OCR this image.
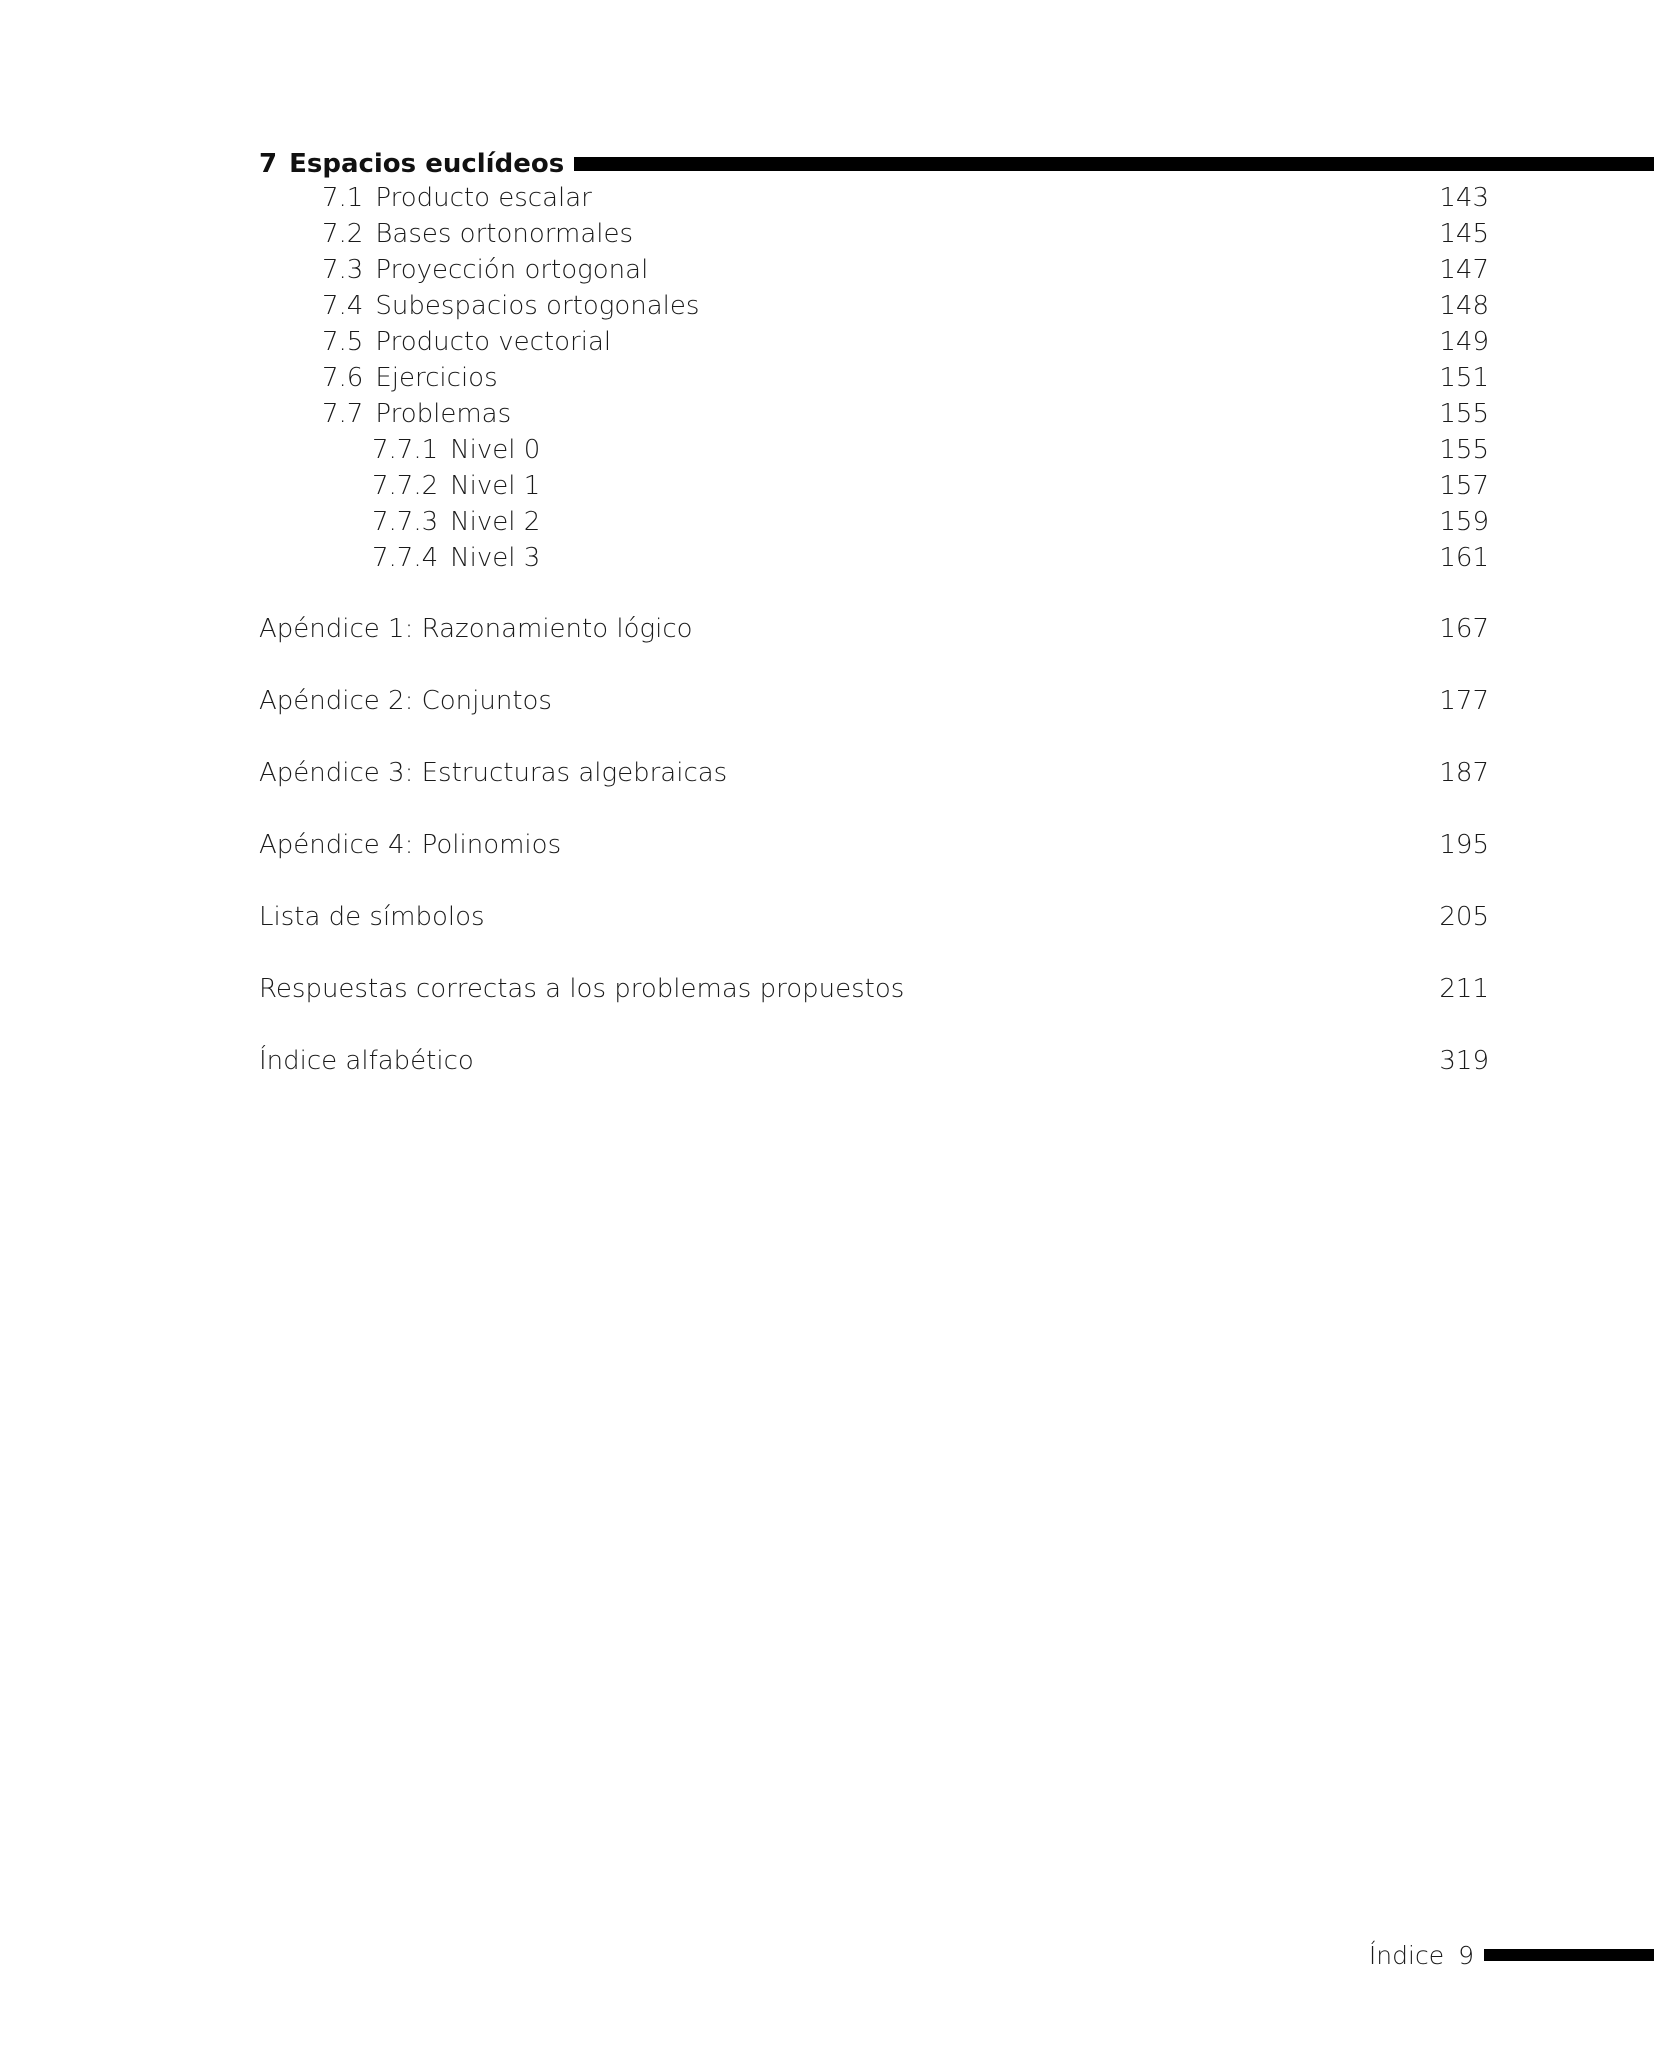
7 Espacios euclídeos
7.1 Producto escalar	143
7.2 Bases ortonormales	145
7.3 Proyección ortogonal	147
7.4 Subespacios ortogonales	148
7.5 Producto vectorial	149
7.6 Ejercicios	151
7.7 Problemas	155
7.7.1 Nivel 0	155
7.7.2 Nivel 1	157
7.7.3 Nivel 2	159
7.7.4 Nivel 3	161
Apéndice 1: Razonamiento lógico	167
Apéndice 2: Conjuntos	177
Apéndice 3: Estructuras algebraicas	187
Apéndice 4: Polinomios	195
Lista de símbolos	205
Respuestas correctas a los problemas propuestos	211
Índice alfabético	319
Índice 9
